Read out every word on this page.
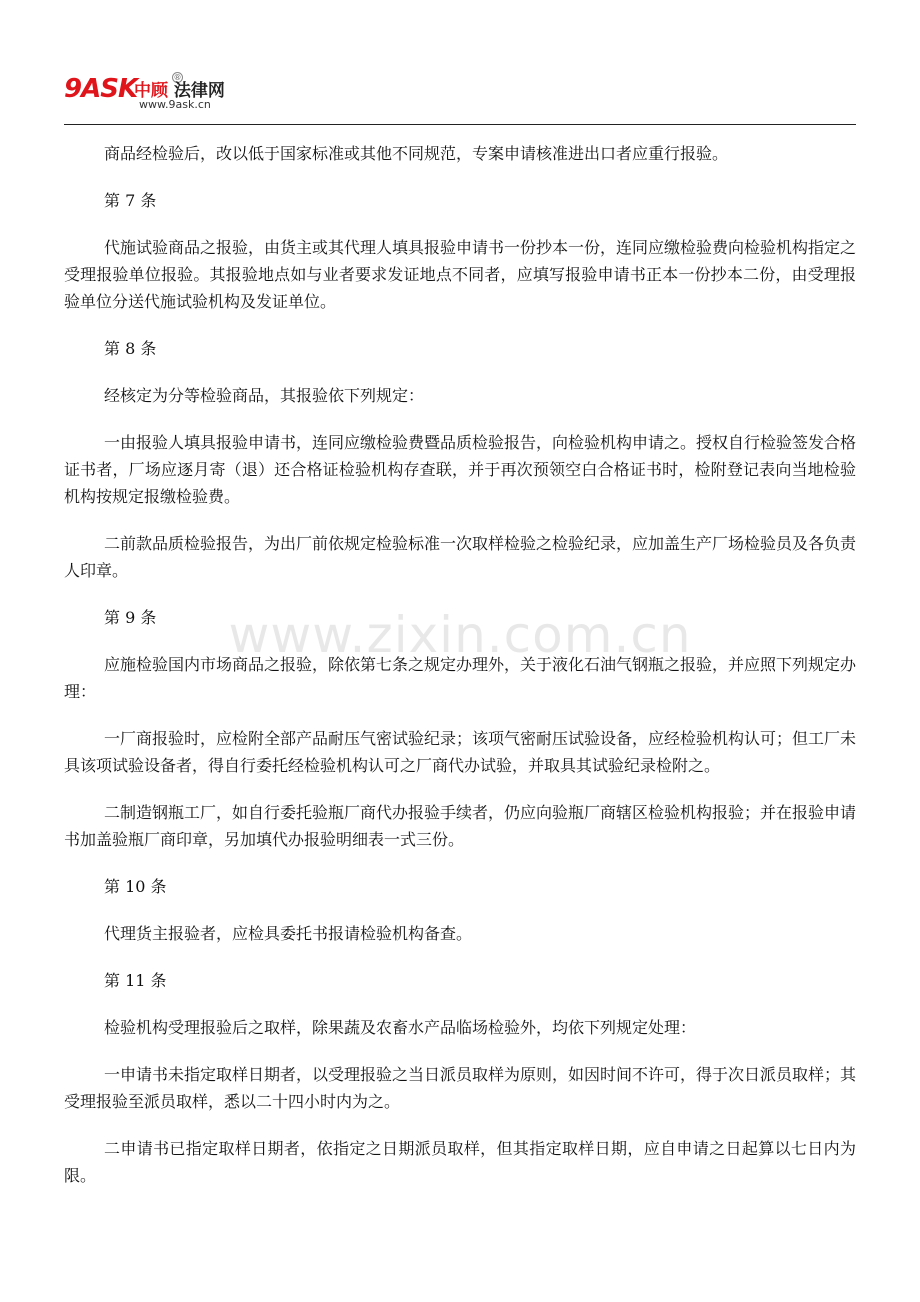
9ASK	®
中顾 法律网
www.9ask.cn
www.zixin.com.cn

商品经检验后，改以低于国家标准或其他不同规范，专案申请核准进出口者应重行报验。

第 7 条

代施试验商品之报验，由货主或其代理人填具报验申请书一份抄本一份，连同应缴检验费向检验机构指定之受理报验单位报验。其报验地点如与业者要求发证地点不同者，应填写报验申请书正本一份抄本二份，由受理报验单位分送代施试验机构及发证单位。

第 8 条

经核定为分等检验商品，其报验依下列规定：

一由报验人填具报验申请书，连同应缴检验费暨品质检验报告，向检验机构申请之。授权自行检验签发合格证书者，厂场应逐月寄（退）还合格证检验机构存查联，并于再次预领空白合格证书时，检附登记表向当地检验机构按规定报缴检验费。

二前款品质检验报告，为出厂前依规定检验标准一次取样检验之检验纪录，应加盖生产厂场检验员及各负责人印章。

第 9 条

应施检验国内市场商品之报验，除依第七条之规定办理外，关于液化石油气钢瓶之报验，并应照下列规定办理：

一厂商报验时，应检附全部产品耐压气密试验纪录；该项气密耐压试验设备，应经检验机构认可；但工厂未具该项试验设备者，得自行委托经检验机构认可之厂商代办试验，并取具其试验纪录检附之。

二制造钢瓶工厂，如自行委托验瓶厂商代办报验手续者，仍应向验瓶厂商辖区检验机构报验；并在报验申请书加盖验瓶厂商印章，另加填代办报验明细表一式三份。

第 10 条

代理货主报验者，应检具委托书报请检验机构备查。

第 11 条

检验机构受理报验后之取样，除果蔬及农畜水产品临场检验外，均依下列规定处理：

一申请书未指定取样日期者，以受理报验之当日派员取样为原则，如因时间不许可，得于次日派员取样；其受理报验至派员取样，悉以二十四小时内为之。

二申请书已指定取样日期者，依指定之日期派员取样，但其指定取样日期，应自申请之日起算以七日内为限。
